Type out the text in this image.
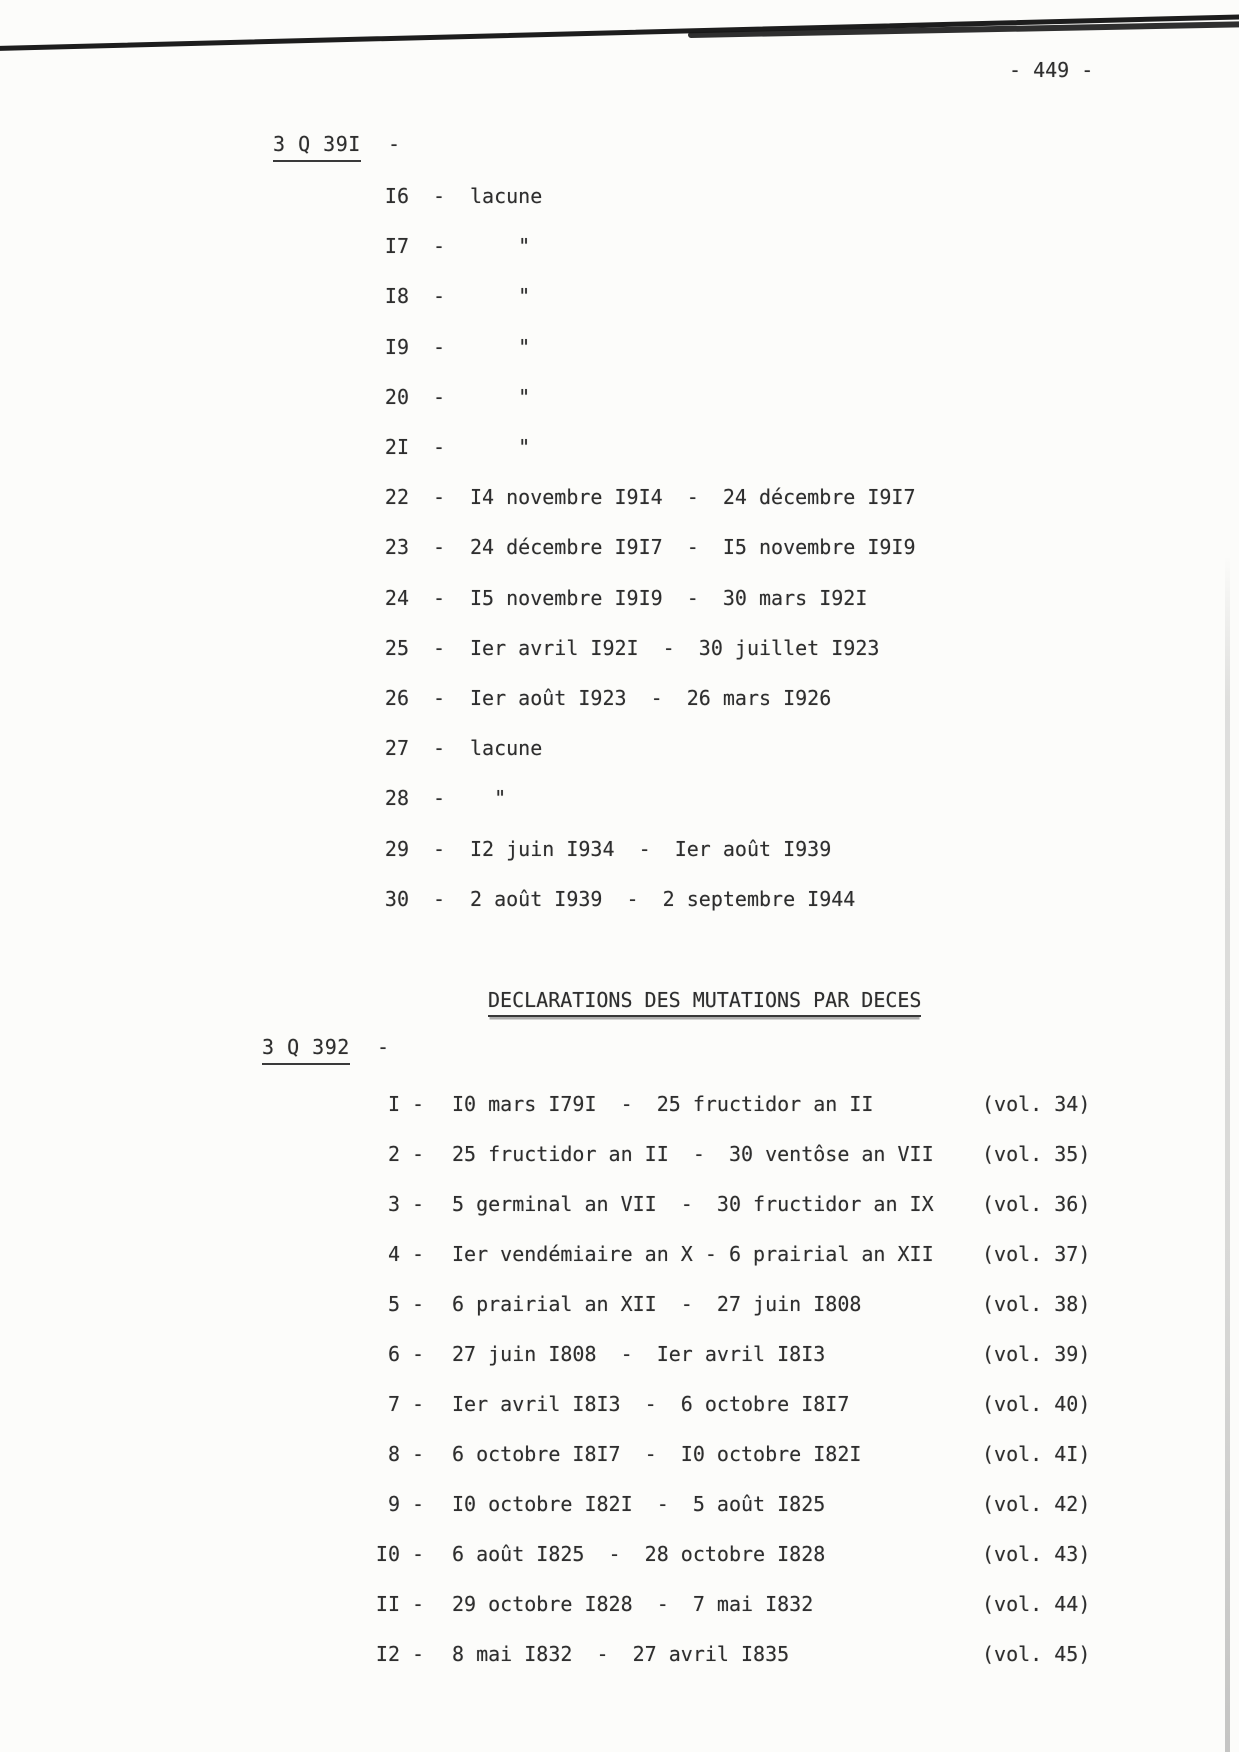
- 449 -
3 Q 39I -
I6 - lacune
I7 - "
I8 - "
I9 - "
20 - "
2I - "
22 - I4 novembre I9I4  -  24 décembre I9I7
23 - 24 décembre I9I7  -  I5 novembre I9I9
24 - I5 novembre I9I9  -  30 mars I92I
25 - Ier avril I92I  -  30 juillet I923
26 - Ier août I923  -  26 mars I926
27 - lacune
28 - "
29 - I2 juin I934  -  Ier août I939
30 - 2 août I939  -  2 septembre I944
DECLARATIONS DES MUTATIONS PAR DECES
3 Q 392 -
I - I0 mars I79I  -  25 fructidor an II	(vol. 34)
2 - 25 fructidor an II  -  30 ventôse an VII (vol. 35)
3 - 5 germinal an VII  -  30 fructidor an IX (vol. 36)
4 - Ier vendémiaire an X - 6 prairial an XII (vol. 37)
5 - 6 prairial an XII  -  27 juin I808	(vol. 38)
6 - 27 juin I808  -  Ier avril I8I3	(vol. 39)
7 - Ier avril I8I3  -  6 octobre I8I7	(vol. 40)
8 - 6 octobre I8I7  -  I0 octobre I82I	(vol. 4I)
9 - I0 octobre I82I  -  5 août I825	(vol. 42)
I0 - 6 août I825  -  28 octobre I828	(vol. 43)
II - 29 octobre I828  -  7 mai I832	(vol. 44)
I2 - 8 mai I832  -  27 avril I835	(vol. 45)
